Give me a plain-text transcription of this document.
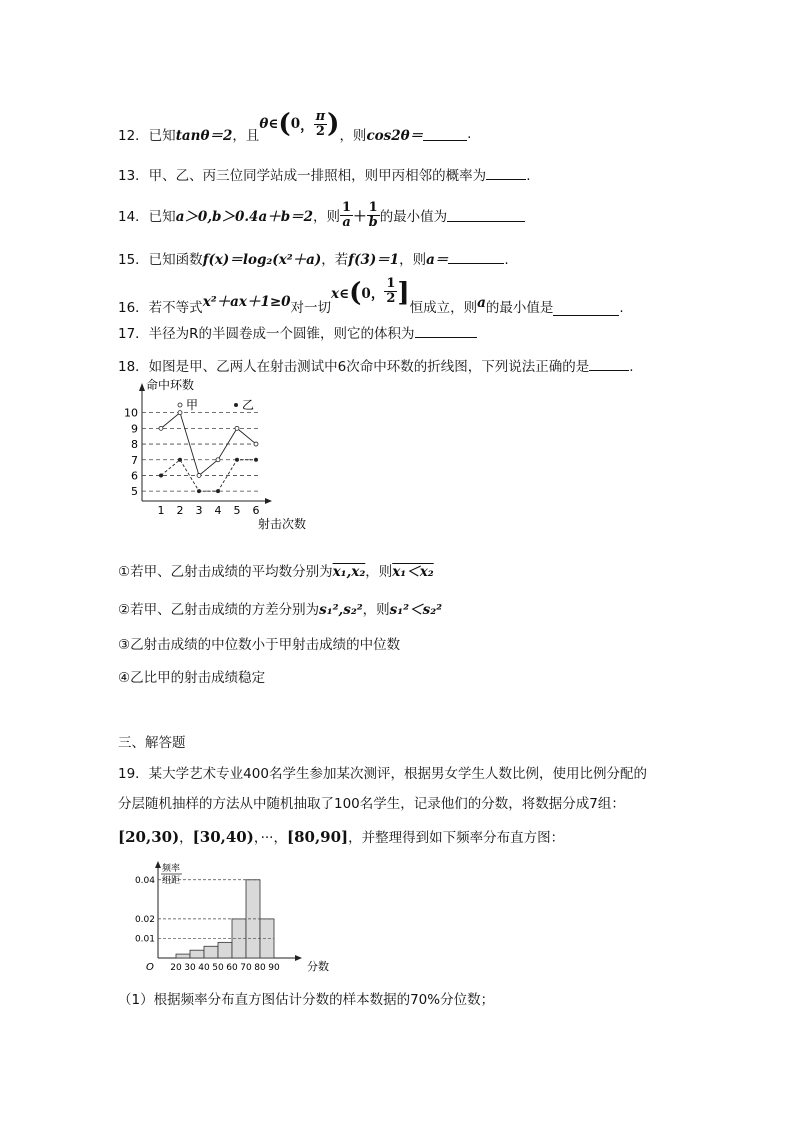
12．已知 tanθ＝2 ，且
θ∈ ( 0 ， $\frac{\pi}{2}$ ) ，则 cos2θ＝	.
13．甲、乙、丙三位同学站成一排照相，则甲丙相邻的概率为	.
14．已知 a＞0,b＞0.4a＋b＝2 ，则 $\frac{1}{a} + \frac{1}{b}$ 的最小值为
15．已知函数f(x)＝log₂(x²＋a)，若f(3)＝1，则a＝	.
16．若不等式 x²＋ax＋1≥0 对一切
x∈ ( 0 ， $\frac{1}{2}$ ] 恒成立，则 a 的最小值是	.
17．半径为R的半圆卷成一个圆锥，则它的体积为
18．如图是甲、乙两人在射击测试中6次命中环数的折线图，下列说法正确的是	.
命中环数
射击次数
5
6
7
8
9
10
1 2 3 4 5 6
甲	乙
①若甲、乙射击成绩的平均数分别为x₁,x₂，则x₁＜x₂
②若甲、乙射击成绩的方差分别为s₁²,s₂²，则s₁²＜s₂²
③乙射击成绩的中位数小于甲射击成绩的中位数
④乙比甲的射击成绩稳定
三、解答题
19．某大学艺术专业400名学生参加某次测评，根据男女学生人数比例，使用比例分配的
分层随机抽样的方法从中随机抽取了100名学生，记录他们的分数，将数据分成7组：
[20,30)，[30,40)，···，[80,90]，并整理得到如下频率分布直方图：
频率
组距
O	分数
0.01
0.02
0.04
20 30 40 50 60 70 80 90
（1）根据频率分布直方图估计分数的样本数据的70%分位数；
